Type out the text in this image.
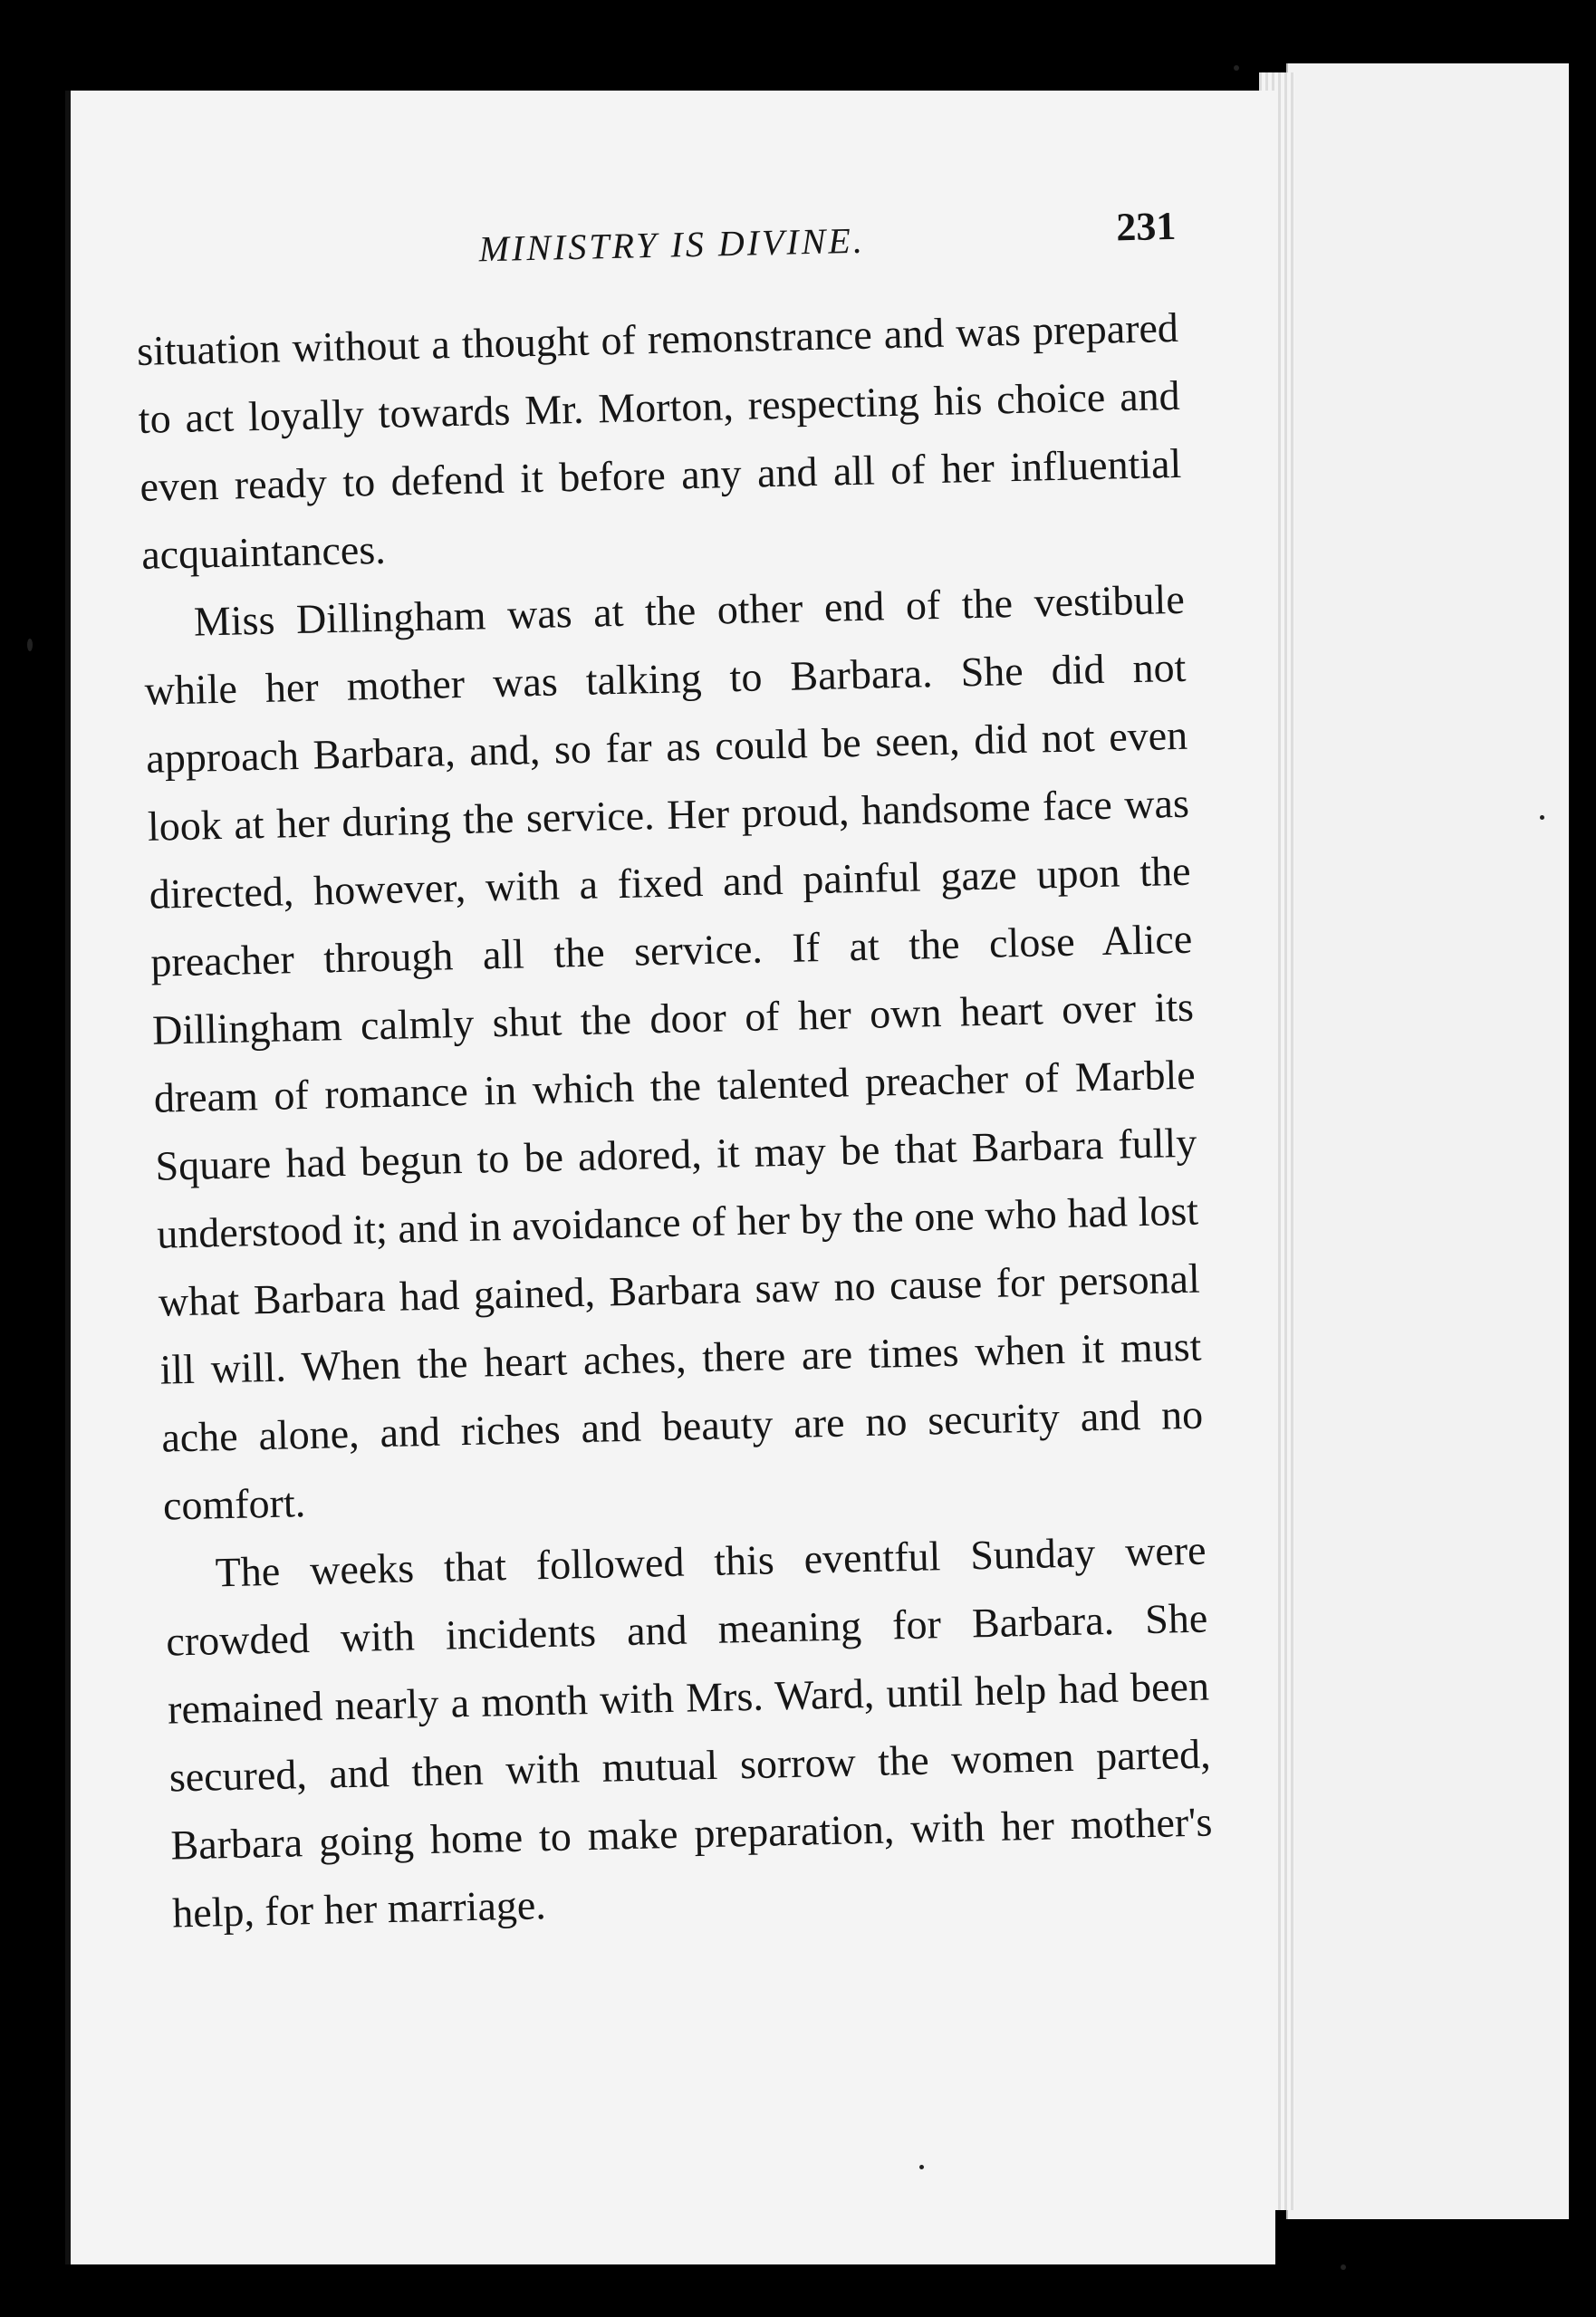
MINISTRY IS DIVINE.	231

situation without a thought of remonstrance and was prepared to act loyally towards Mr. Morton, respecting his choice and even ready to defend it before any and all of her influential acquaintances.

Miss Dillingham was at the other end of the vestibule while her mother was talking to Barbara. She did not approach Barbara, and, so far as could be seen, did not even look at her during the service. Her proud, handsome face was directed, however, with a fixed and painful gaze upon the preacher through all the service. If at the close Alice Dillingham calmly shut the door of her own heart over its dream of romance in which the talented preacher of Marble Square had begun to be adored, it may be that Barbara fully understood it; and in avoidance of her by the one who had lost what Barbara had gained, Barbara saw no cause for personal ill will. When the heart aches, there are times when it must ache alone, and riches and beauty are no security and no comfort.

The weeks that followed this eventful Sunday were crowded with incidents and meaning for Barbara. She remained nearly a month with Mrs. Ward, until help had been secured, and then with mutual sorrow the women parted, Barbara going home to make preparation, with her mother's help, for her marriage.
